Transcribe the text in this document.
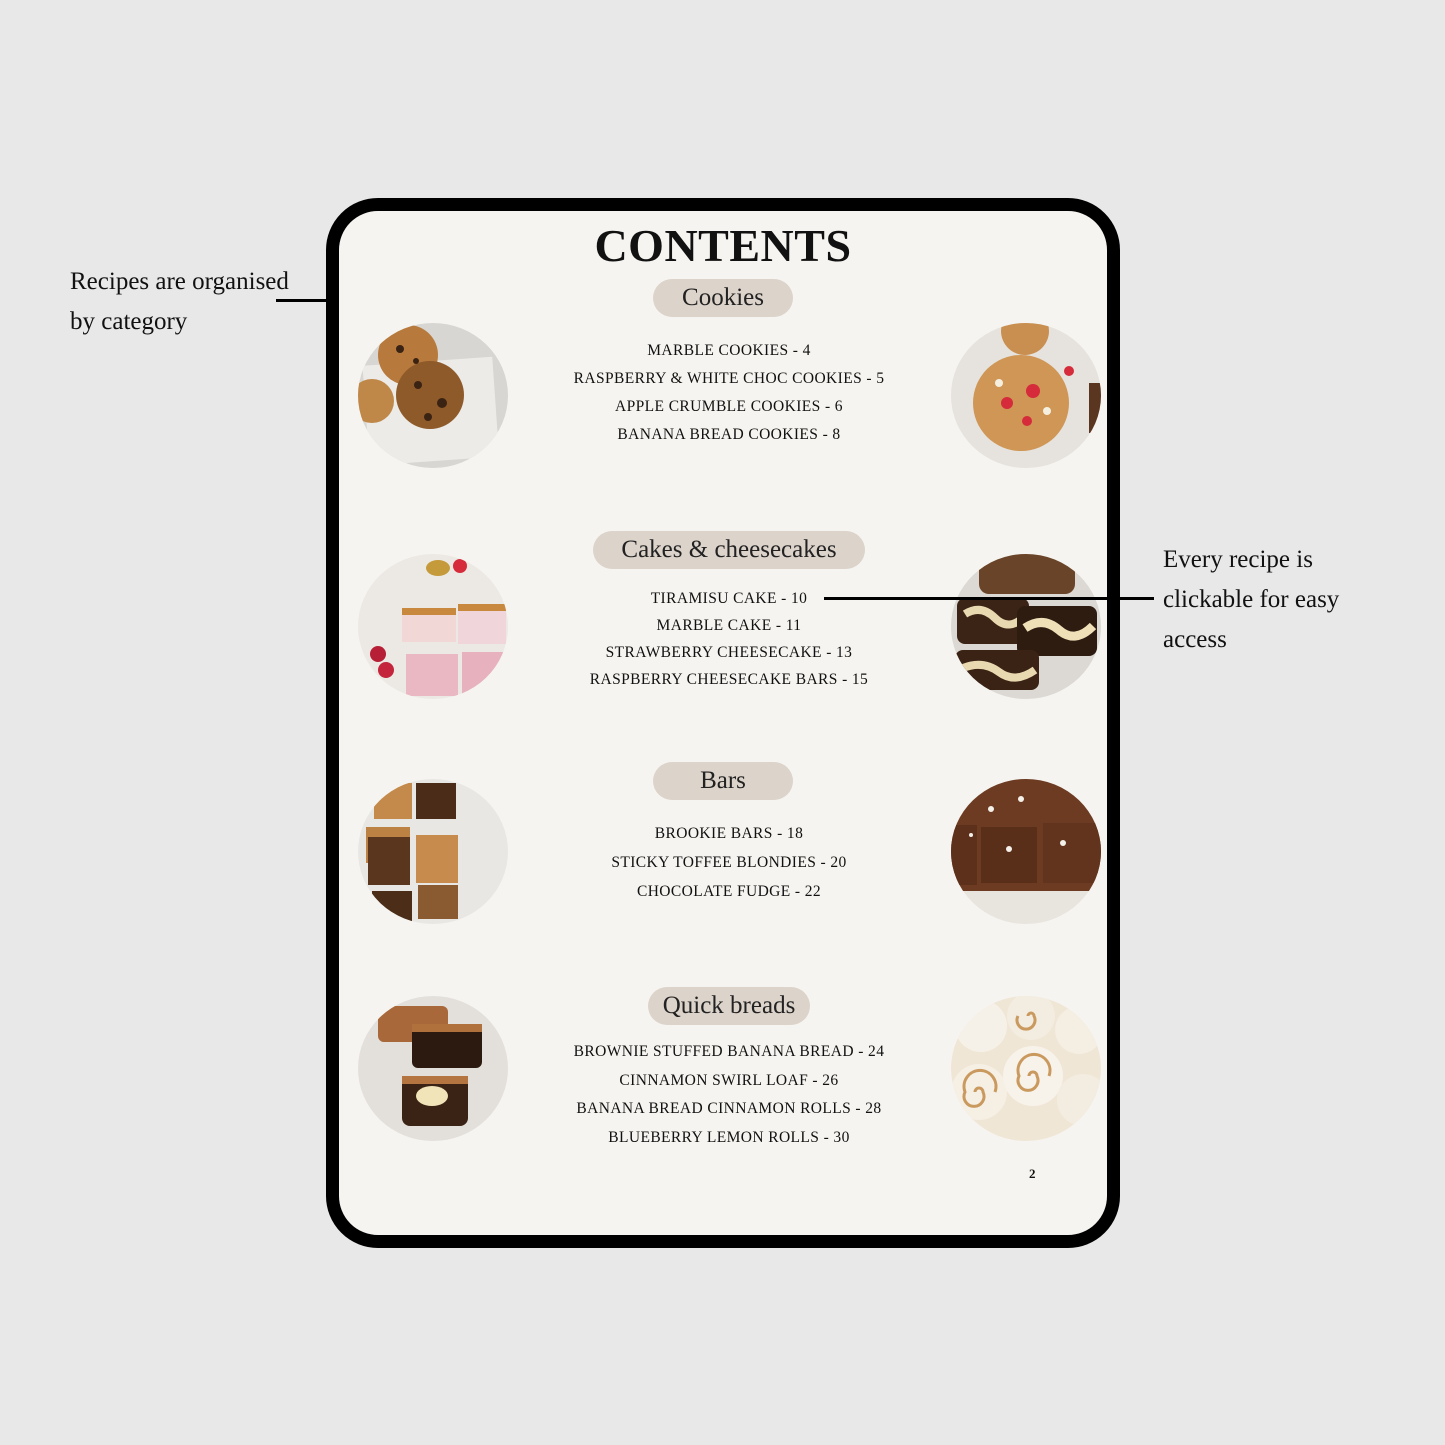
Recipes are organised
by category
Every recipe is
clickable for easy
access
CONTENTS
Cookies
MARBLE COOKIES - 4
RASPBERRY & WHITE CHOC COOKIES - 5
APPLE CRUMBLE COOKIES - 6
BANANA BREAD COOKIES - 8
Cakes & cheesecakes
TIRAMISU CAKE - 10
MARBLE CAKE - 11
STRAWBERRY CHEESECAKE - 13
RASPBERRY CHEESECAKE BARS - 15
Bars
BROOKIE BARS - 18
STICKY TOFFEE BLONDIES - 20
CHOCOLATE FUDGE - 22
Quick breads
BROWNIE STUFFED BANANA BREAD - 24
CINNAMON SWIRL LOAF - 26
BANANA BREAD CINNAMON ROLLS - 28
BLUEBERRY LEMON ROLLS - 30
2
